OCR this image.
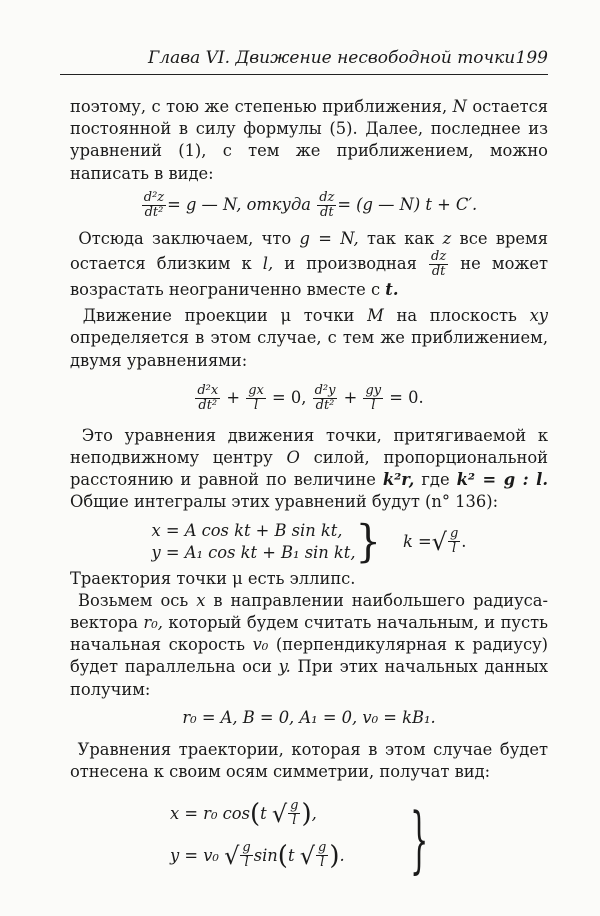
Глава VI. Движение несвободной точки 199

поэтому, с тою же степенью приближения, N остается постоянной в силу формулы (5). Далее, последнее из уравнений (1), с тем же приближением, можно написать в виде:

$\frac{\text{d²z}}{\text{dt²}} = g$ — N, откуда $\frac{dz}{dt} = (g$ — N) t + C′.

Отсюда заключаем, что g = N, так как z все время остается близким к l, и производная $\frac{dz}{dt}$ не может возрастать неограниченно вместе с t.

Движение проекции μ точки M на плоскость xy определяется в этом случае, с тем же приближением, двумя уравнениями:

$\frac{\text{d²x}}{\text{dt²}} + \frac{gx}{l} = 0$, $\frac{\text{d²y}}{\text{dt²}} + \frac{gy}{l} = 0$.

Это уравнения движения точки, притягиваемой к неподвижному центру O силой, пропорциональной расстоянию и равной по величине k²r, где k² = g : l. Общие интегралы этих уравнений будут (n° 136):

x = A cos kt + B sin kt,
y = A₁ cos kt + B₁ sin kt, } k = √ $\frac{g}{l}$ .

Траектория точки μ есть эллипс.

Возьмем ось x в направлении наибольшего радиуса-вектора r₀, который будем считать начальным, и пусть начальная скорость v₀ (перпендикулярная к радиусу) будет параллельна оси y. При этих начальных данных получим:

r₀ = A, B = 0, A₁ = 0, v₀ = kB₁.

Уравнения траектории, которая в этом случае будет отнесена к своим осям симметрии, получат вид:

x = r₀ cos ( t
√ $\frac{g}{l}$ ) ,
y = v₀
√ $\frac{g}{l}$ sin ( t
√ $\frac{g}{l}$ ) . }
